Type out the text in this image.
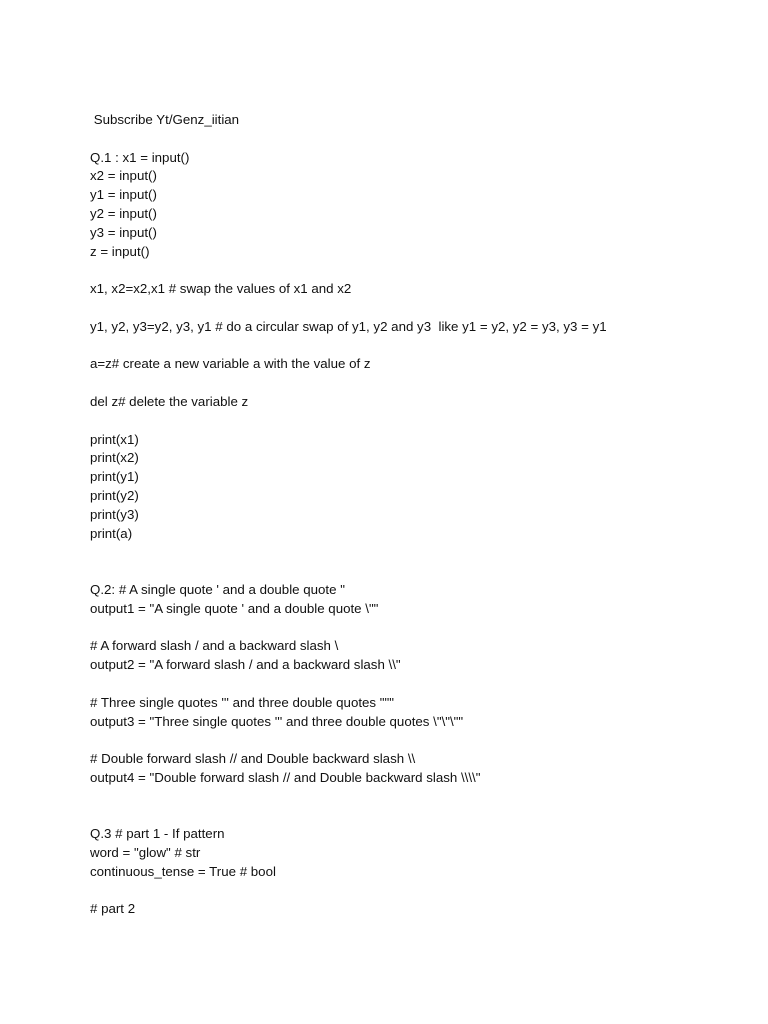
Subscribe Yt/Genz_iitian
Q.1 : x1 = input()
x2 = input()
y1 = input()
y2 = input()
y3 = input()
z = input()
x1, x2=x2,x1 # swap the values of x1 and x2
y1, y2, y3=y2, y3, y1 # do a circular swap of y1, y2 and y3  like y1 = y2, y2 = y3, y3 = y1
a=z# create a new variable a with the value of z
del z# delete the variable z
print(x1)
print(x2)
print(y1)
print(y2)
print(y3)
print(a)
Q.2: # A single quote ' and a double quote "
output1 = "A single quote ' and a double quote \""
# A forward slash / and a backward slash \
output2 = "A forward slash / and a backward slash \\"
# Three single quotes ''' and three double quotes """
output3 = "Three single quotes ''' and three double quotes \"\"\""
# Double forward slash // and Double backward slash \\
output4 = "Double forward slash // and Double backward slash \\\\"
Q.3 # part 1 - If pattern
word = "glow" # str
continuous_tense = True # bool
# part 2
